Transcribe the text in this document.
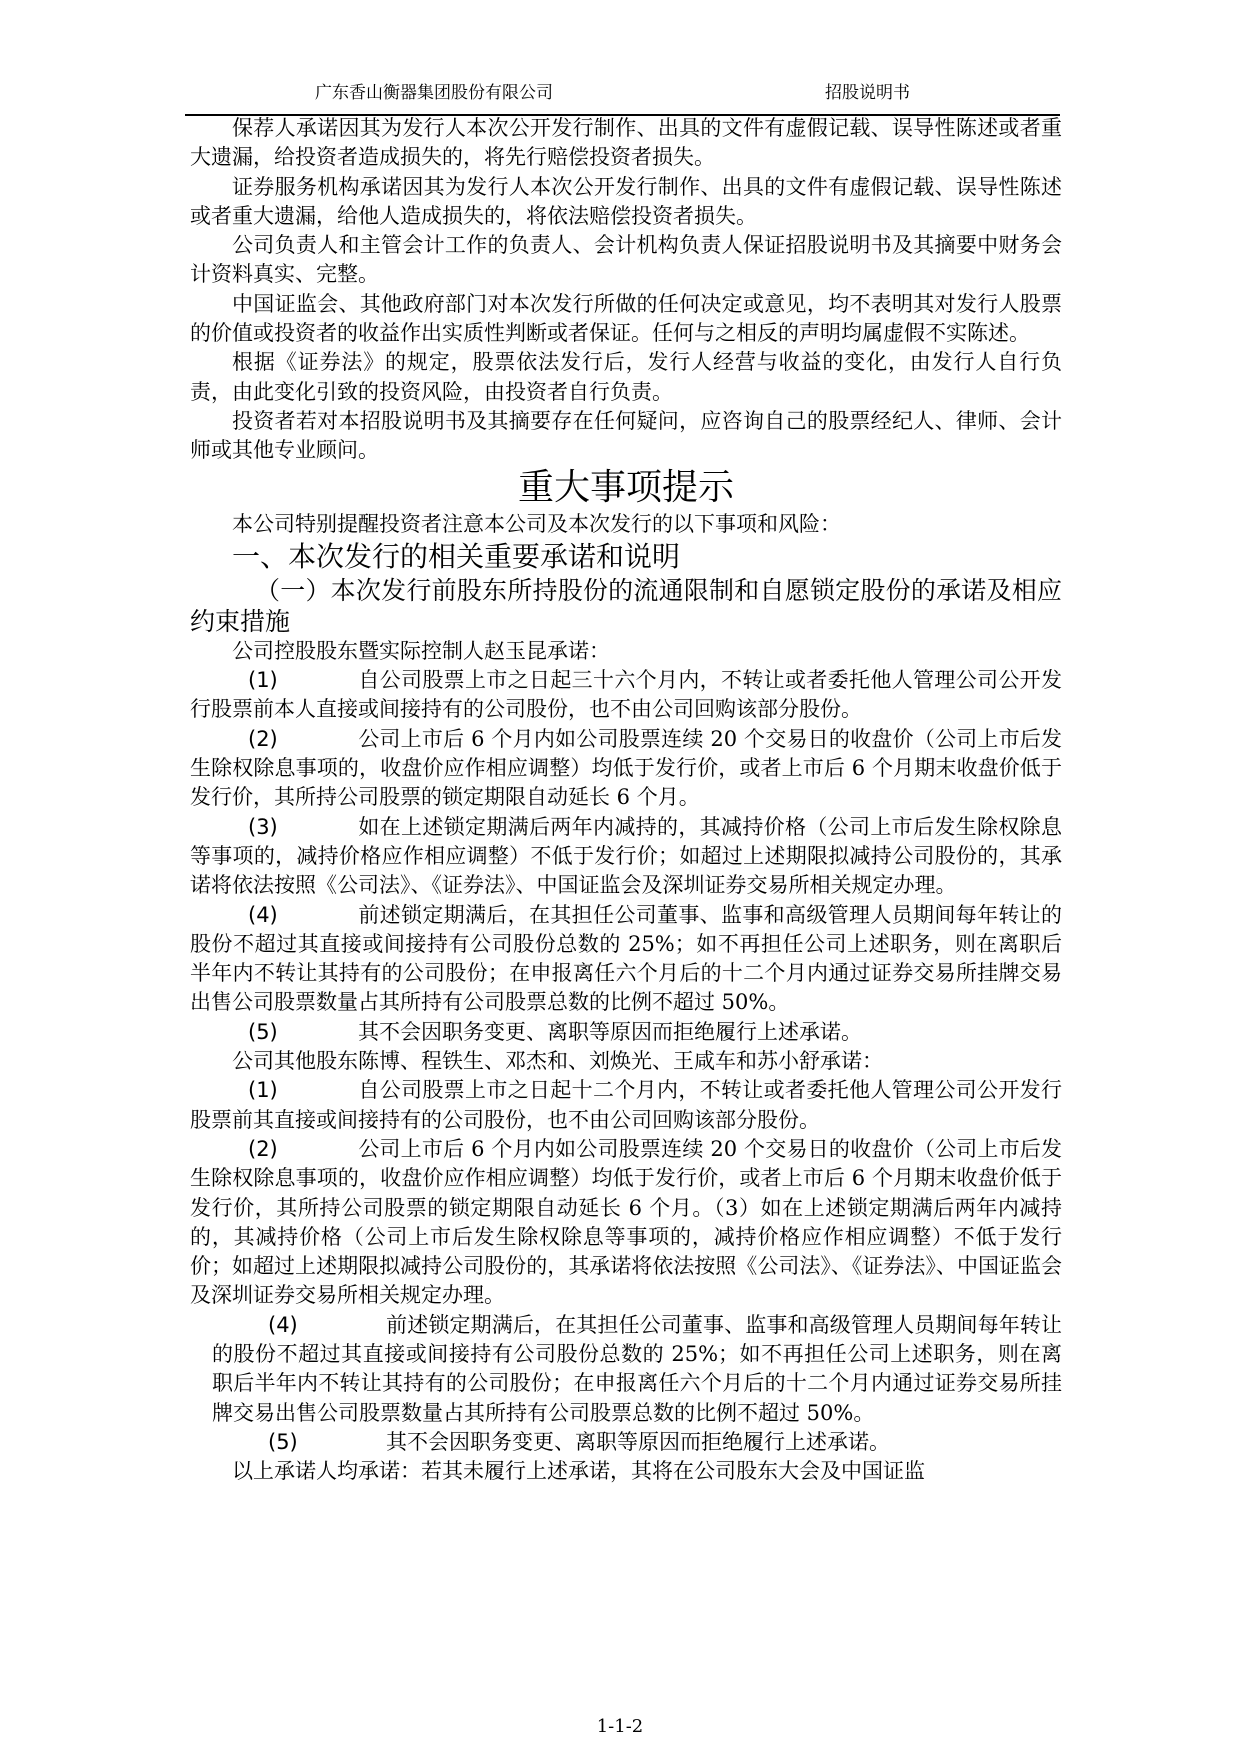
广东香山衡器集团股份有限公司	招股说明书

保荐人承诺因其为发行人本次公开发行制作、出具的文件有虚假记载、误导性陈述或者重大遗漏，给投资者造成损失的，将先行赔偿投资者损失。

证券服务机构承诺因其为发行人本次公开发行制作、出具的文件有虚假记载、误导性陈述或者重大遗漏，给他人造成损失的，将依法赔偿投资者损失。

公司负责人和主管会计工作的负责人、会计机构负责人保证招股说明书及其摘要中财务会计资料真实、完整。

中国证监会、其他政府部门对本次发行所做的任何决定或意见，均不表明其对发行人股票的价值或投资者的收益作出实质性判断或者保证。任何与之相反的声明均属虚假不实陈述。

根据《证券法》的规定，股票依法发行后，发行人经营与收益的变化，由发行人自行负责，由此变化引致的投资风险，由投资者自行负责。

投资者若对本招股说明书及其摘要存在任何疑问，应咨询自己的股票经纪人、律师、会计师或其他专业顾问。

重大事项提示

本公司特别提醒投资者注意本公司及本次发行的以下事项和风险：

一、本次发行的相关重要承诺和说明

（一）本次发行前股东所持股份的流通限制和自愿锁定股份的承诺及相应约束措施

公司控股股东暨实际控制人赵玉昆承诺：

(1)	自公司股票上市之日起三十六个月内，不转让或者委托他人管理公司公开发行股票前本人直接或间接持有的公司股份，也不由公司回购该部分股份。

(2)	公司上市后 6 个月内如公司股票连续 20 个交易日的收盘价（公司上市后发生除权除息事项的，收盘价应作相应调整）均低于发行价，或者上市后 6 个月期末收盘价低于发行价，其所持公司股票的锁定期限自动延长 6 个月。

(3)	如在上述锁定期满后两年内减持的，其减持价格（公司上市后发生除权除息等事项的，减持价格应作相应调整）不低于发行价；如超过上述期限拟减持公司股份的，其承诺将依法按照《公司法》、《证券法》、中国证监会及深圳证券交易所相关规定办理。

(4)	前述锁定期满后，在其担任公司董事、监事和高级管理人员期间每年转让的股份不超过其直接或间接持有公司股份总数的 25%；如不再担任公司上述职务，则在离职后半年内不转让其持有的公司股份；在申报离任六个月后的十二个月内通过证券交易所挂牌交易出售公司股票数量占其所持有公司股票总数的比例不超过 50%。

(5)	其不会因职务变更、离职等原因而拒绝履行上述承诺。

公司其他股东陈博、程铁生、邓杰和、刘焕光、王咸车和苏小舒承诺：

(1)	自公司股票上市之日起十二个月内，不转让或者委托他人管理公司公开发行股票前其直接或间接持有的公司股份，也不由公司回购该部分股份。

(2)	公司上市后 6 个月内如公司股票连续 20 个交易日的收盘价（公司上市后发生除权除息事项的，收盘价应作相应调整）均低于发行价，或者上市后 6 个月期末收盘价低于发行价，其所持公司股票的锁定期限自动延长 6 个月。（3）如在上述锁定期满后两年内减持的，其减持价格（公司上市后发生除权除息等事项的，减持价格应作相应调整）不低于发行价；如超过上述期限拟减持公司股份的，其承诺将依法按照《公司法》、《证券法》、中国证监会及深圳证券交易所相关规定办理。

(4)	前述锁定期满后，在其担任公司董事、监事和高级管理人员期间每年转让的股份不超过其直接或间接持有公司股份总数的 25%；如不再担任公司上述职务，则在离职后半年内不转让其持有的公司股份；在申报离任六个月后的十二个月内通过证券交易所挂牌交易出售公司股票数量占其所持有公司股票总数的比例不超过 50%。

(5)	其不会因职务变更、离职等原因而拒绝履行上述承诺。

以上承诺人均承诺：若其未履行上述承诺，其将在公司股东大会及中国证监

1-1-2
